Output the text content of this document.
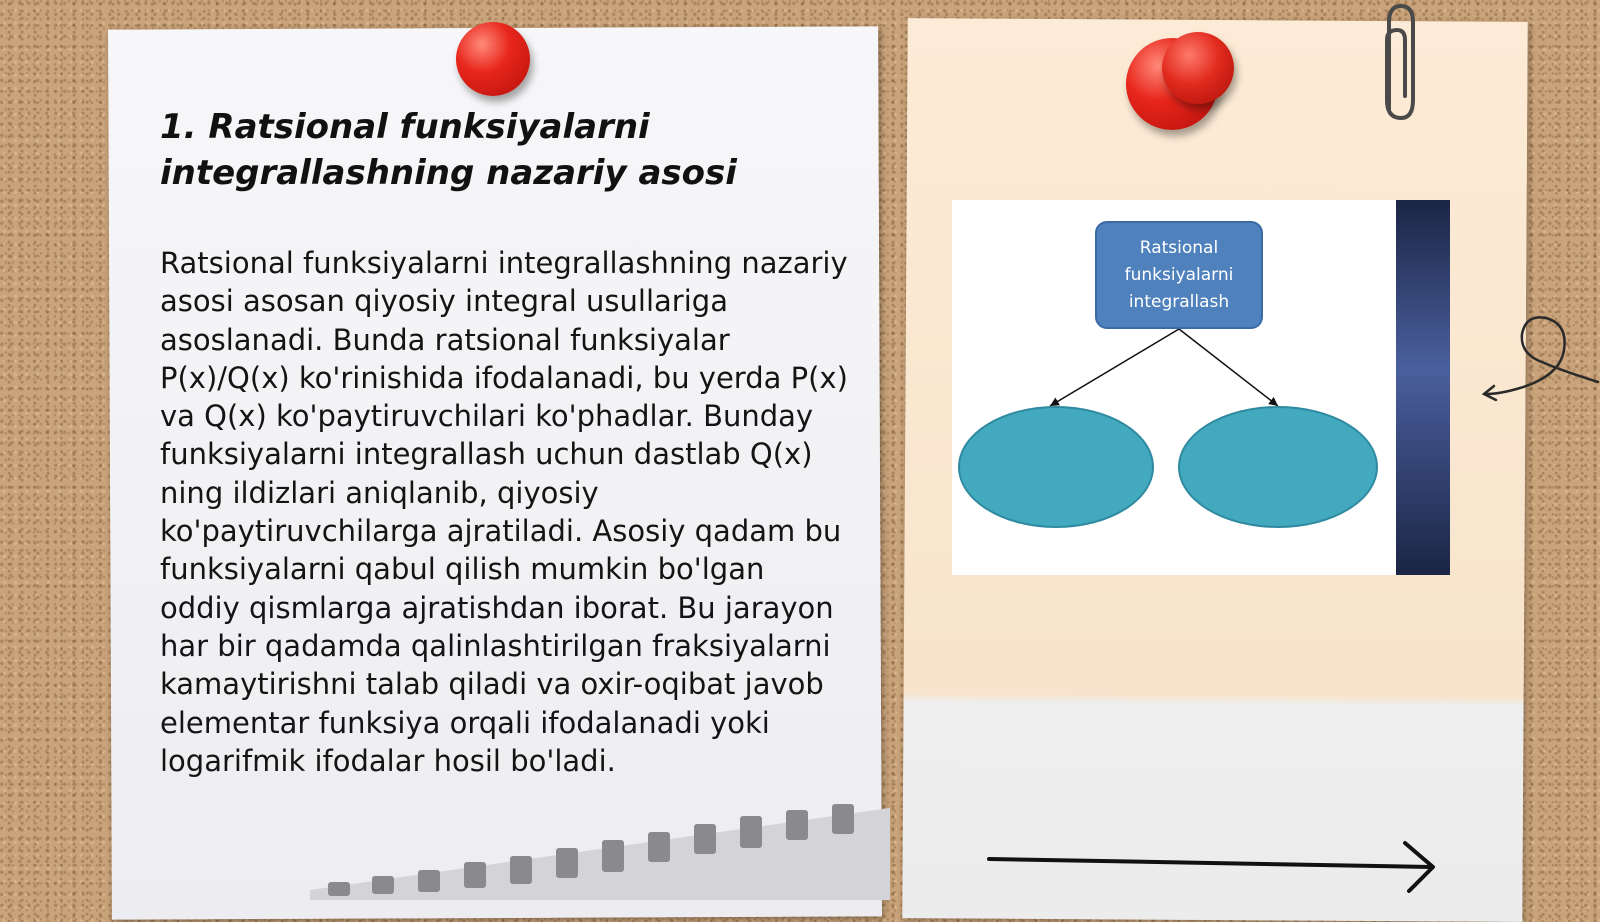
1. Ratsional funksiyalarni integrallashning nazariy asosi

Ratsional funksiyalarni integrallashning nazariy asosi asosan qiyosiy integral usullariga asoslanadi. Bunda ratsional funksiyalar P(x)/Q(x) ko'rinishida ifodalanadi, bu yerda P(x) va Q(x) ko'paytiruvchilari ko'phadlar. Bunday funksiyalarni integrallash uchun dastlab Q(x) ning ildizlari aniqlanib, qiyosiy ko'paytiruvchilarga ajratiladi. Asosiy qadam bu funksiyalarni qabul qilish mumkin bo'lgan oddiy qismlarga ajratishdan iborat. Bu jarayon har bir qadamda qalinlashtirilgan fraksiyalarni kamaytirishni talab qiladi va oxir-oqibat javob elementar funksiya orqali ifodalanadi yoki logarifmik ifodalar hosil bo'ladi.

Ratsional funksiyalarni integrallash
